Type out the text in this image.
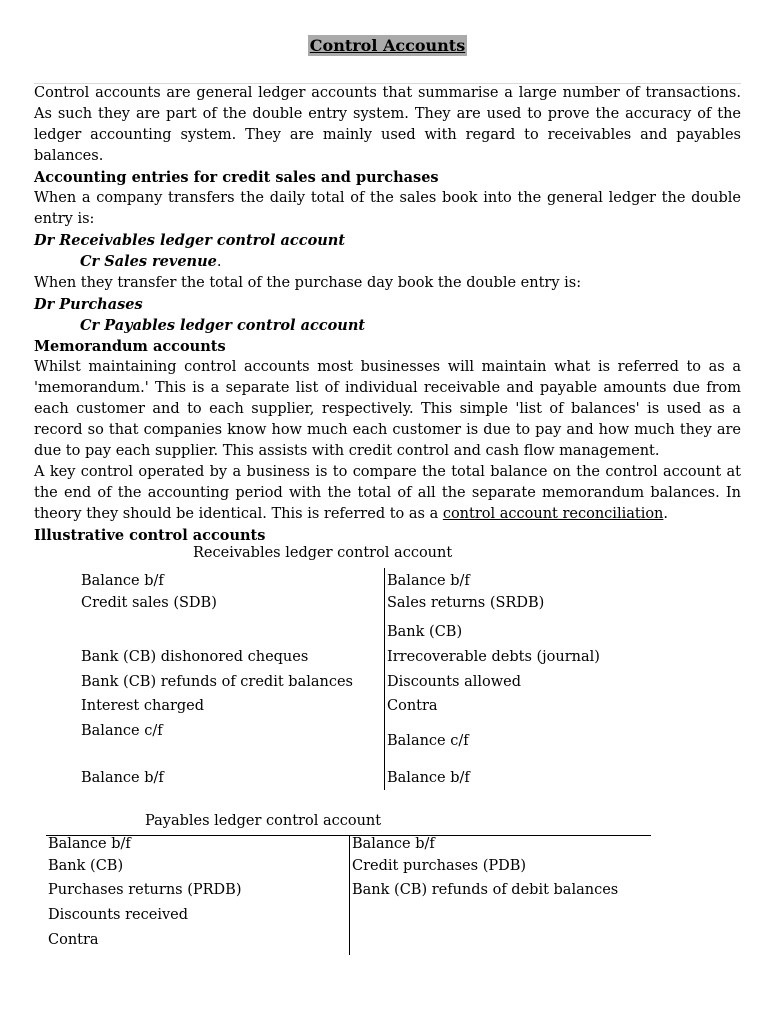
Control Accounts

Control accounts are general ledger accounts that summarise a large number of transactions. As such they are part of the double entry system. They are used to prove the accuracy of the ledger accounting system. They are mainly used with regard to receivables and payables balances.

Accounting entries for credit sales and purchases

When a company transfers the daily total of the sales book into the general ledger the double entry is:

Dr Receivables ledger control account

Cr Sales revenue.

When they transfer the total of the purchase day book the double entry is:

Dr Purchases

Cr Payables ledger control account

Memorandum accounts

Whilst maintaining control accounts most businesses will maintain what is referred to as a 'memorandum.' This is a separate list of individual receivable and payable amounts due from each customer and to each supplier, respectively. This simple 'list of balances' is used as a record so that companies know how much each customer is due to pay and how much they are due to pay each supplier. This assists with credit control and cash flow management.

A key control operated by a business is to compare the total balance on the control account at the end of the accounting period with the total of all the separate memorandum balances. In theory they should be identical. This is referred to as a control account reconciliation.

Illustrative control accounts

Receivables ledger control account
Balance b/f
Credit sales (SDB)
Bank (CB) dishonored cheques
Bank (CB) refunds of credit balances
Interest charged
Balance c/f
Balance b/f
Balance b/f
Sales returns (SRDB)
Bank (CB)
Irrecoverable debts (journal)
Discounts allowed
Contra
Balance c/f
Balance b/f
Payables ledger control account
Balance b/f
Bank (CB)
Purchases returns (PRDB)
Discounts received
Contra
Balance b/f
Credit purchases (PDB)
Bank (CB) refunds of debit balances
